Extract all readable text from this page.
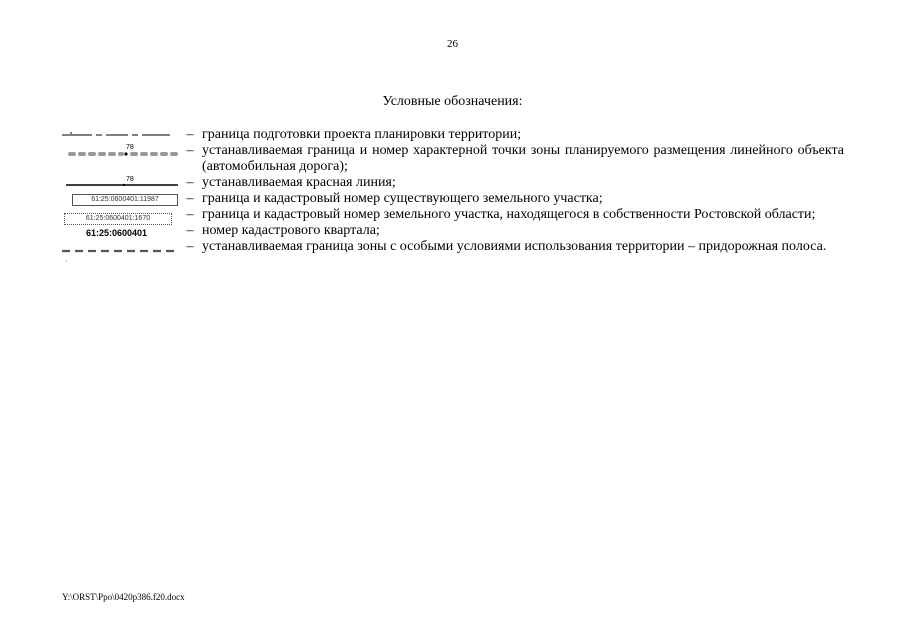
26
Условные обозначения:
– граница подготовки проекта планировки территории;
78	– устанавливаемая граница и номер характерной точки зоны планируемого размещения линейного объекта (автомобильная дорога);
78	– устанавливаемая красная линия;
61:25:0600401:11987	– граница и кадастровый номер существующего земельного участка;
61:25:0600401:1670	– граница и кадастровый номер земельного участка, находящегося в собственности Ростовской области;
61:25:0600401	– номер кадастрового квартала;
– устанавливаемая граница зоны с особыми условиями использования территории – придорожная полоса.
Y:\ORST\Ppo\0420p386.f20.docx
